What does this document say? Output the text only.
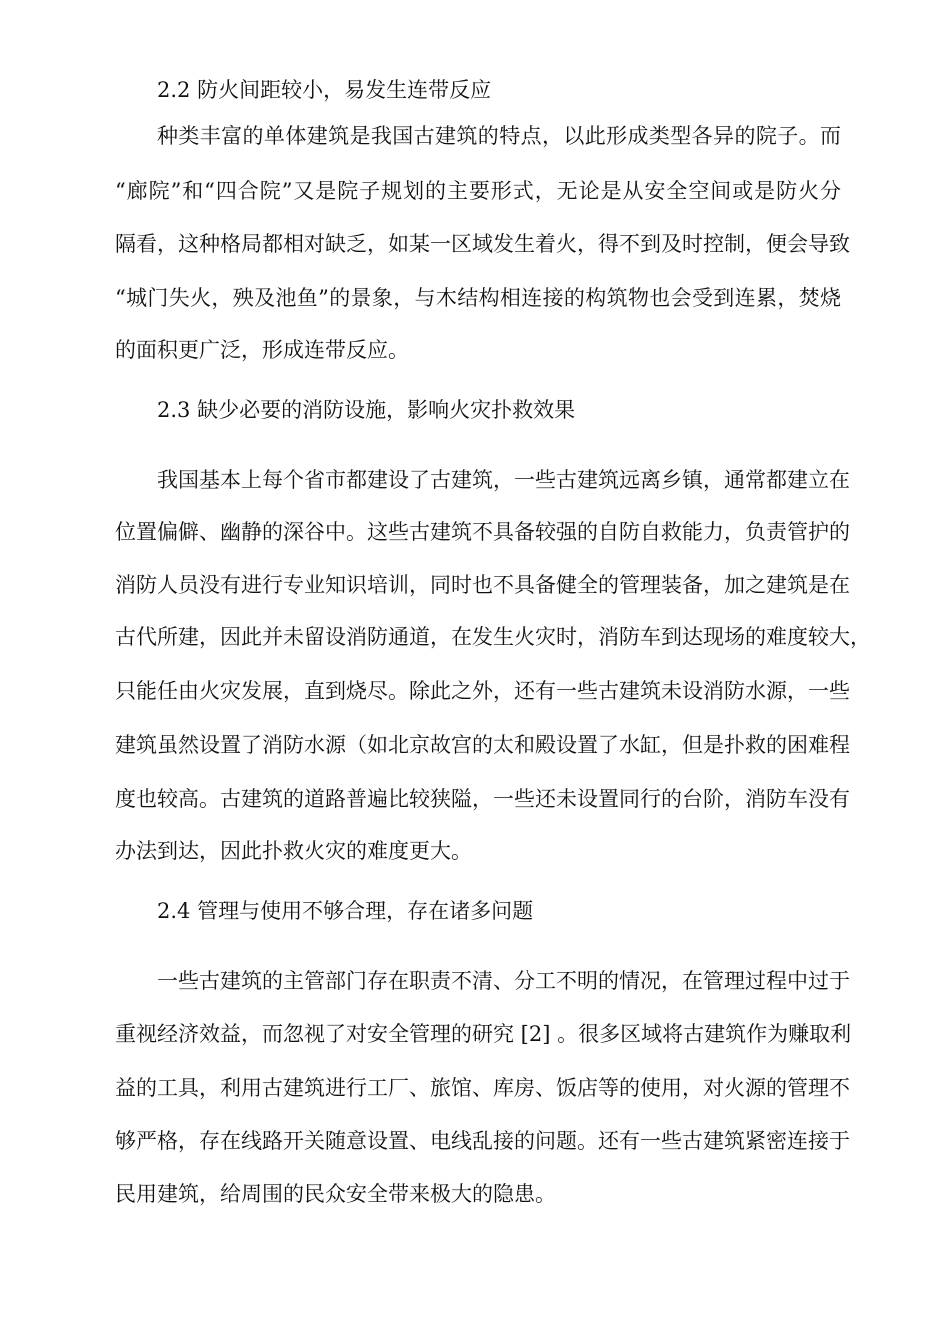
2.2 防火间距较小，易发生连带反应
种类丰富的单体建筑是我国古建筑的特点，以此形成类型各异的院子。而
“廊院”和“四合院”又是院子规划的主要形式，无论是从安全空间或是防火分
隔看，这种格局都相对缺乏，如某一区域发生着火，得不到及时控制，便会导致
“城门失火，殃及池鱼”的景象，与木结构相连接的构筑物也会受到连累，焚烧
的面积更广泛，形成连带反应。
2.3 缺少必要的消防设施，影响火灾扑救效果
我国基本上每个省市都建设了古建筑，一些古建筑远离乡镇，通常都建立在
位置偏僻、幽静的深谷中。这些古建筑不具备较强的自防自救能力，负责管护的
消防人员没有进行专业知识培训，同时也不具备健全的管理装备，加之建筑是在
古代所建，因此并未留设消防通道，在发生火灾时，消防车到达现场的难度较大，
只能任由火灾发展，直到烧尽。除此之外，还有一些古建筑未设消防水源，一些
建筑虽然设置了消防水源（如北京故宫的太和殿设置了水缸，但是扑救的困难程
度也较高。古建筑的道路普遍比较狭隘，一些还未设置同行的台阶，消防车没有
办法到达，因此扑救火灾的难度更大。
2.4 管理与使用不够合理，存在诸多问题
一些古建筑的主管部门存在职责不清、分工不明的情况，在管理过程中过于
重视经济效益，而忽视了对安全管理的研究 [2] 。很多区域将古建筑作为赚取利
益的工具，利用古建筑进行工厂、旅馆、库房、饭店等的使用，对火源的管理不
够严格，存在线路开关随意设置、电线乱接的问题。还有一些古建筑紧密连接于
民用建筑，给周围的民众安全带来极大的隐患。
